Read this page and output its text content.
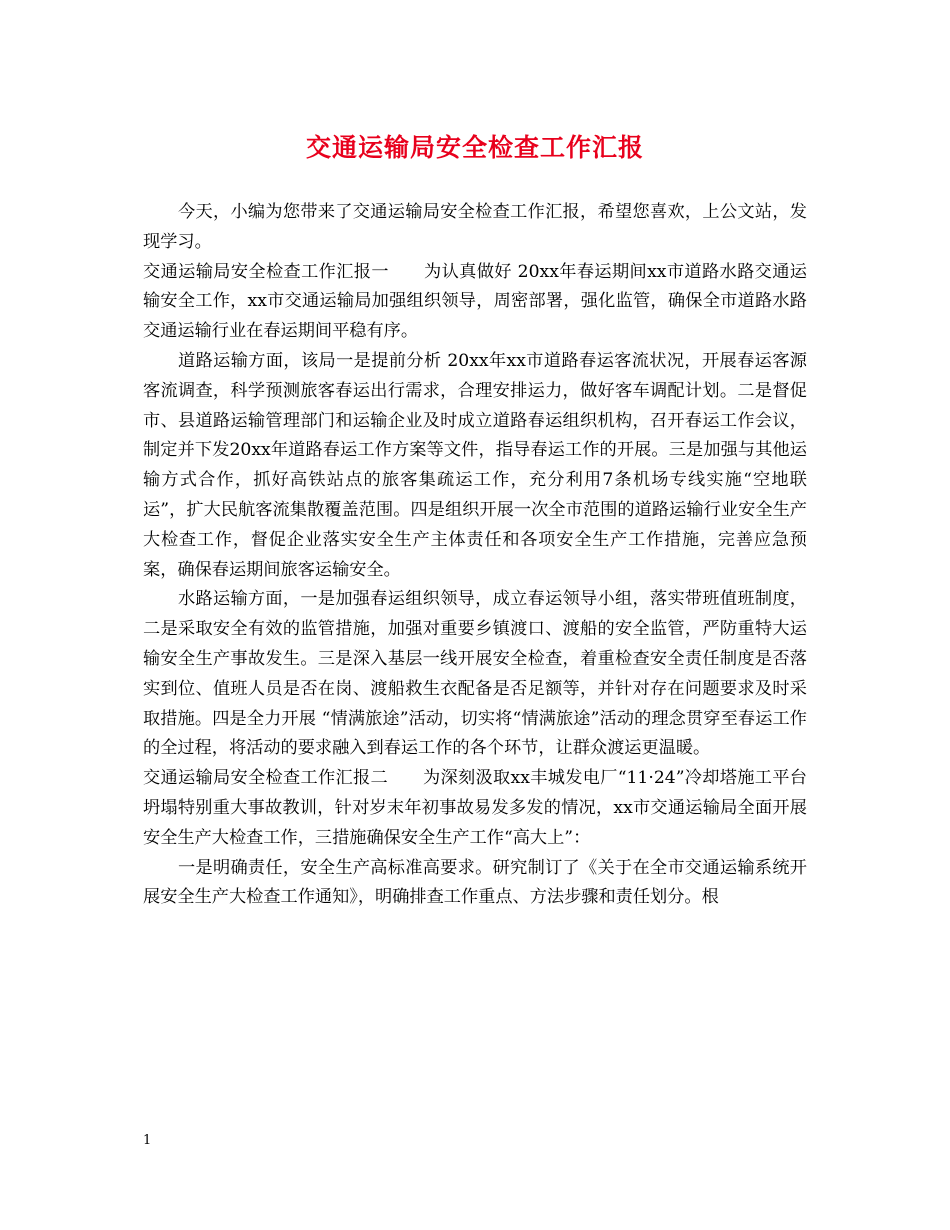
交通运输局安全检查工作汇报

今天，小编为您带来了交通运输局安全检查工作汇报，希望您喜欢，上公文站，发现学习。

交通运输局安全检查工作汇报一　　为认真做好 20xx年春运期间xx市道路水路交通运输安全工作，xx市交通运输局加强组织领导，周密部署，强化监管，确保全市道路水路交通运输行业在春运期间平稳有序。

道路运输方面，该局一是提前分析 20xx年xx市道路春运客流状况，开展春运客源客流调查，科学预测旅客春运出行需求，合理安排运力，做好客车调配计划。二是督促市、县道路运输管理部门和运输企业及时成立道路春运组织机构，召开春运工作会议，制定并下发20xx年道路春运工作方案等文件，指导春运工作的开展。三是加强与其他运输方式合作，抓好高铁站点的旅客集疏运工作，充分利用7条机场专线实施“空地联运”，扩大民航客流集散覆盖范围。四是组织开展一次全市范围的道路运输行业安全生产大检查工作，督促企业落实安全生产主体责任和各项安全生产工作措施，完善应急预案，确保春运期间旅客运输安全。

水路运输方面，一是加强春运组织领导，成立春运领导小组，落实带班值班制度，二是采取安全有效的监管措施，加强对重要乡镇渡口、渡船的安全监管，严防重特大运输安全生产事故发生。三是深入基层一线开展安全检查，着重检查安全责任制度是否落实到位、值班人员是否在岗、渡船救生衣配备是否足额等，并针对存在问题要求及时采取措施。四是全力开展 “情满旅途”活动，切实将“情满旅途”活动的理念贯穿至春运工作的全过程，将活动的要求融入到春运工作的各个环节，让群众渡运更温暖。

交通运输局安全检查工作汇报二　　为深刻汲取xx丰城发电厂“11·24”冷却塔施工平台坍塌特别重大事故教训，针对岁末年初事故易发多发的情况，xx市交通运输局全面开展安全生产大检查工作，三措施确保安全生产工作“高大上”：

一是明确责任，安全生产高标准高要求。研究制订了《关于在全市交通运输系统开展安全生产大检查工作通知》，明确排查工作重点、方法步骤和责任划分。根

1
